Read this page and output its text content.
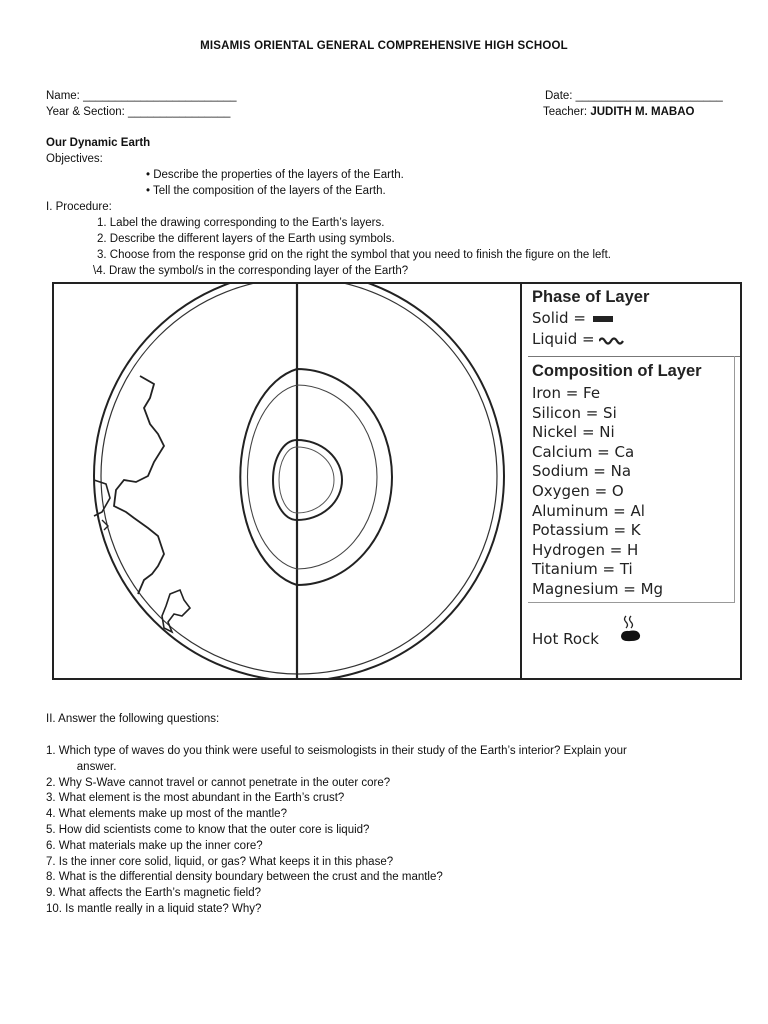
MISAMIS ORIENTAL GENERAL COMPREHENSIVE HIGH SCHOOL
Name: ________________________
Year & Section: ________________
Date: _______________________
Teacher: JUDITH M. MABAO
Our Dynamic Earth
Objectives:
• Describe the properties of the layers of the Earth.
• Tell the composition of the layers of the Earth.
I. Procedure:
1. Label the drawing corresponding to the Earth’s layers.
2. Describe the different layers of the Earth using symbols.
3. Choose from the response grid on the right the symbol that you need to finish the figure on the left.
\4. Draw the symbol/s in the corresponding layer of the Earth?
Phase of Layer
Solid =
Liquid =
Composition of Layer
Iron = Fe
Silicon = Si
Nickel = Ni
Calcium = Ca
Sodium = Na
Oxygen = O
Aluminum = Al
Potassium = K
Hydrogen = H
Titanium = Ti
Magnesium = Mg
Hot Rock
II. Answer the following questions:
1. Which type of waves do you think were useful to seismologists in their study of the Earth’s interior? Explain your
answer.
2. Why S-Wave cannot travel or cannot penetrate in the outer core?
3. What element is the most abundant in the Earth’s crust?
4. What elements make up most of the mantle?
5. How did scientists come to know that the outer core is liquid?
6. What materials make up the inner core?
7. Is the inner core solid, liquid, or gas? What keeps it in this phase?
8. What is the differential density boundary between the crust and the mantle?
9. What affects the Earth’s magnetic field?
10. Is mantle really in a liquid state? Why?
